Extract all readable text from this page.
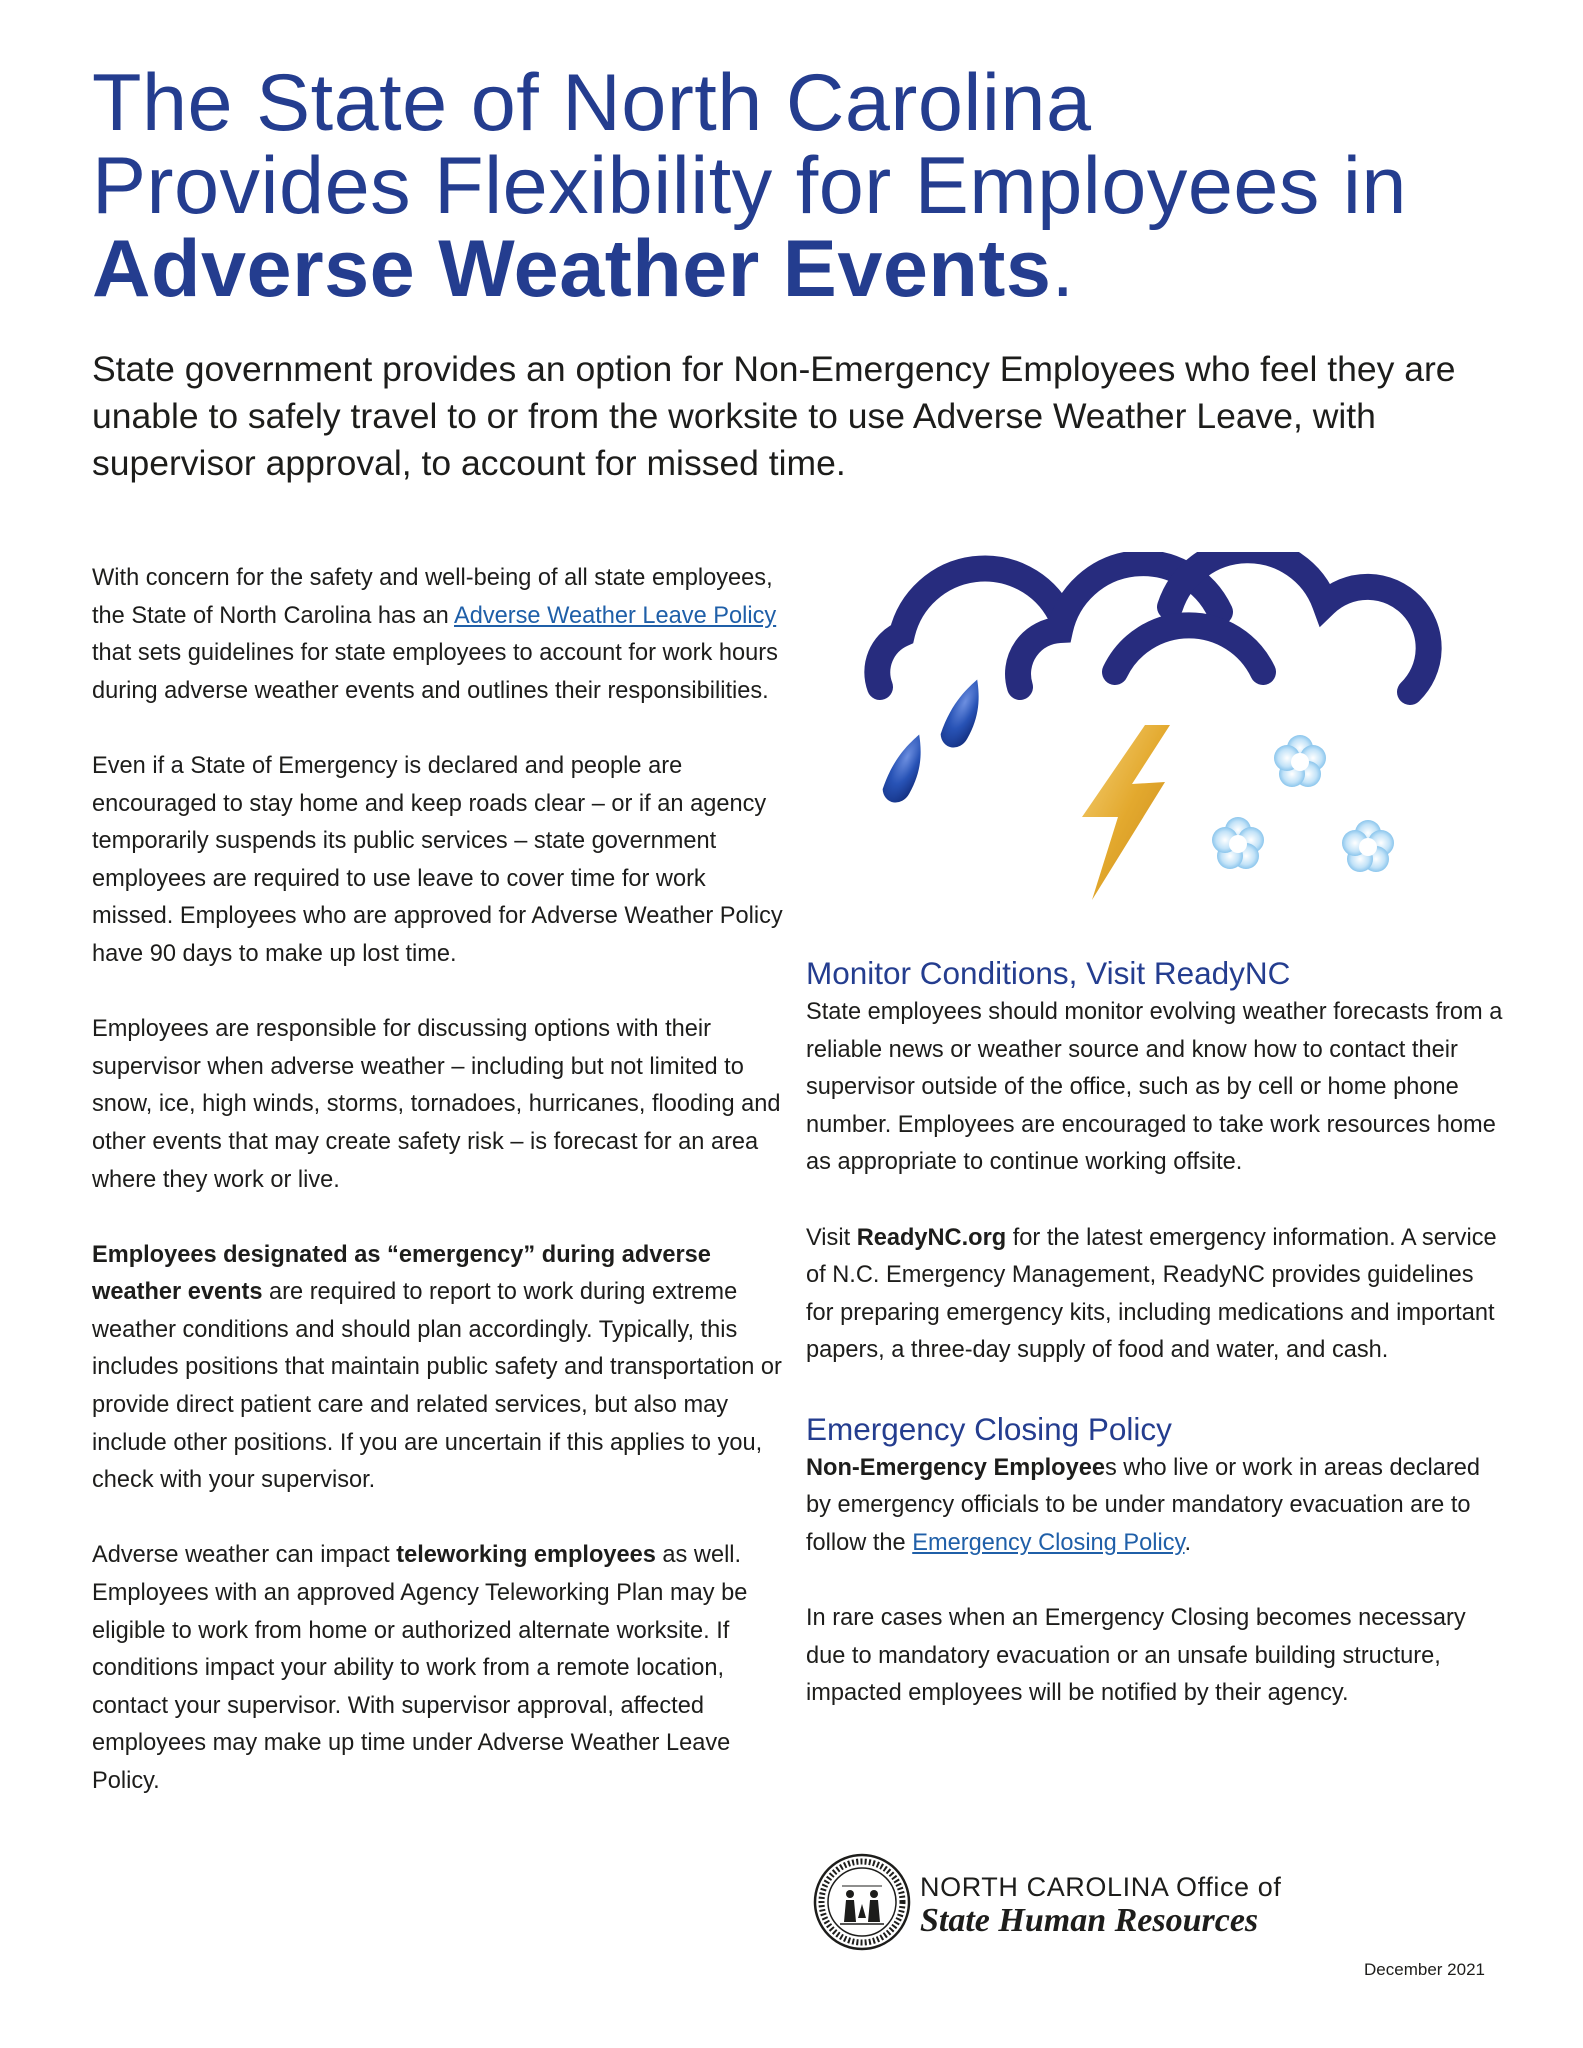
The State of North Carolina
Provides Flexibility for Employees in
Adverse Weather Events.

State government provides an option for Non-Emergency Employees who feel they are unable to safely travel to or from the worksite to use Adverse Weather Leave, with supervisor approval, to account for missed time.

With concern for the safety and well-being of all state employees, the State of North Carolina has an Adverse Weather Leave Policy that sets guidelines for state employees to account for work hours during adverse weather events and outlines their responsibilities.

Even if a State of Emergency is declared and people are encouraged to stay home and keep roads clear – or if an agency temporarily suspends its public services – state government employees are required to use leave to cover time for work missed. Employees who are approved for Adverse Weather Policy have 90 days to make up lost time.

Employees are responsible for discussing options with their supervisor when adverse weather – including but not limited to snow, ice, high winds, storms, tornadoes, hurricanes, flooding and other events that may create safety risk – is forecast for an area where they work or live.

Employees designated as “emergency” during adverse weather events are required to report to work during extreme weather conditions and should plan accordingly. Typically, this includes positions that maintain public safety and transportation or provide direct patient care and related services, but also may include other positions. If you are uncertain if this applies to you, check with your supervisor.

Adverse weather can impact teleworking employees as well. Employees with an approved Agency Teleworking Plan may be eligible to work from home or authorized alternate worksite. If conditions impact your ability to work from a remote location, contact your supervisor. With supervisor approval, affected employees may make up time under Adverse Weather Leave Policy.

Monitor Conditions, Visit ReadyNC

State employees should monitor evolving weather forecasts from a reliable news or weather source and know how to contact their supervisor outside of the office, such as by cell or home phone number. Employees are encouraged to take work resources home as appropriate to continue working offsite.

Visit ReadyNC.org for the latest emergency information. A service of N.C. Emergency Management, ReadyNC provides guidelines for preparing emergency kits, including medications and important papers, a three-day supply of food and water, and cash.

Emergency Closing Policy

Non-Emergency Employees who live or work in areas declared by emergency officials to be under mandatory evacuation are to follow the Emergency Closing Policy.

In rare cases when an Emergency Closing becomes necessary due to mandatory evacuation or an unsafe building structure, impacted employees will be notified by their agency.

NORTH CAROLINA Office of
State Human Resources
December 2021
